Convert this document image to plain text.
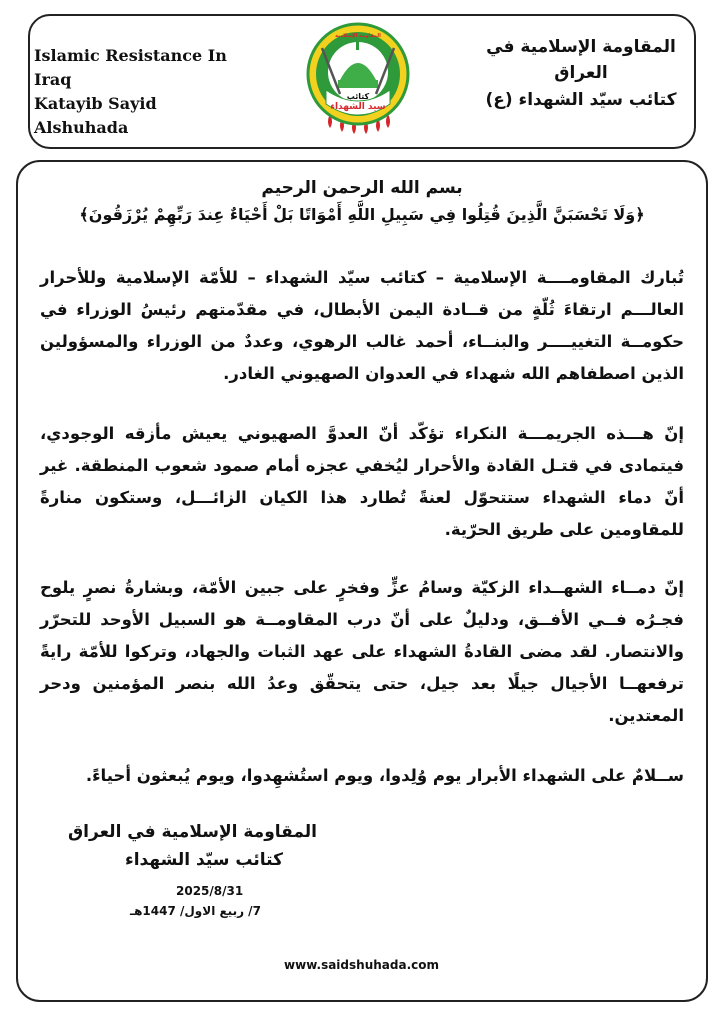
Islamic Resistance In Iraq
Katayib Sayid Alshuhada
كتائب
سيد الشهداء
المقاومة الإسلامية
المقاومة الإسلامية في العراق
كتائب سيّد الشهداء (ع)
بسم الله الرحمن الرحيم
﴿وَلَا تَحْسَبَنَّ الَّذِينَ قُتِلُوا فِي سَبِيلِ اللَّهِ أَمْوَاتًا بَلْ أَحْيَاءٌ عِندَ رَبِّهِمْ يُرْزَقُونَ﴾

تُبارك المقاومــــة الإسلامية – كتائب سيّد الشهداء – للأمّة الإسلامية وللأحرار العالـــم ارتقاءَ ثُلّةٍ من قــادة اليمن الأبطال، في مقدّمتهم رئيسُ الوزراء في حكومــة التغييــــر والبنــاء، أحمد غالب الرهوي، وعددٌ من الوزراء والمسؤولين الذين اصطفاهم الله شهداء في العدوان الصهيوني الغادر.

إنّ هـــذه الجريمـــة النكراء تؤكّد أنّ العدوَّ الصهيوني يعيش مأزقه الوجودي، فيتمادى في قتـل القادة والأحرار ليُخفي عجزه أمام صمود شعوب المنطقة. غير أنّ دماء الشهداء ستتحوّل لعنةً تُطارد هذا الكيان الزائـــل، وستكون منارةً للمقاومين على طريق الحرّية.

إنّ دمــاء الشهــداء الزكيّة وسامُ عزٍّ وفخرٍ على جبين الأمّة، وبشارةُ نصرٍ يلوح فجـرُه فــي الأفــق، ودليلٌ على أنّ درب المقاومــة هو السبيل الأوحد للتحرّر والانتصار. لقد مضى القادةُ الشهداء على عهد الثبات والجهاد، وتركوا للأمّة رايةً ترفعهــا الأجيال جيلًا بعد جيل، حتى يتحقّق وعدُ الله بنصر المؤمنين ودحر المعتدين.

ســلامٌ على الشهداء الأبرار يوم وُلِدوا، ويوم استُشهِدوا، ويوم يُبعثون أحياءً.

المقاومة الإسلامية في العراق
كتائب سيّد الشهداء
2025/8/31
7/ ربيع الاول/ 1447هـ
www.saidshuhada.com
